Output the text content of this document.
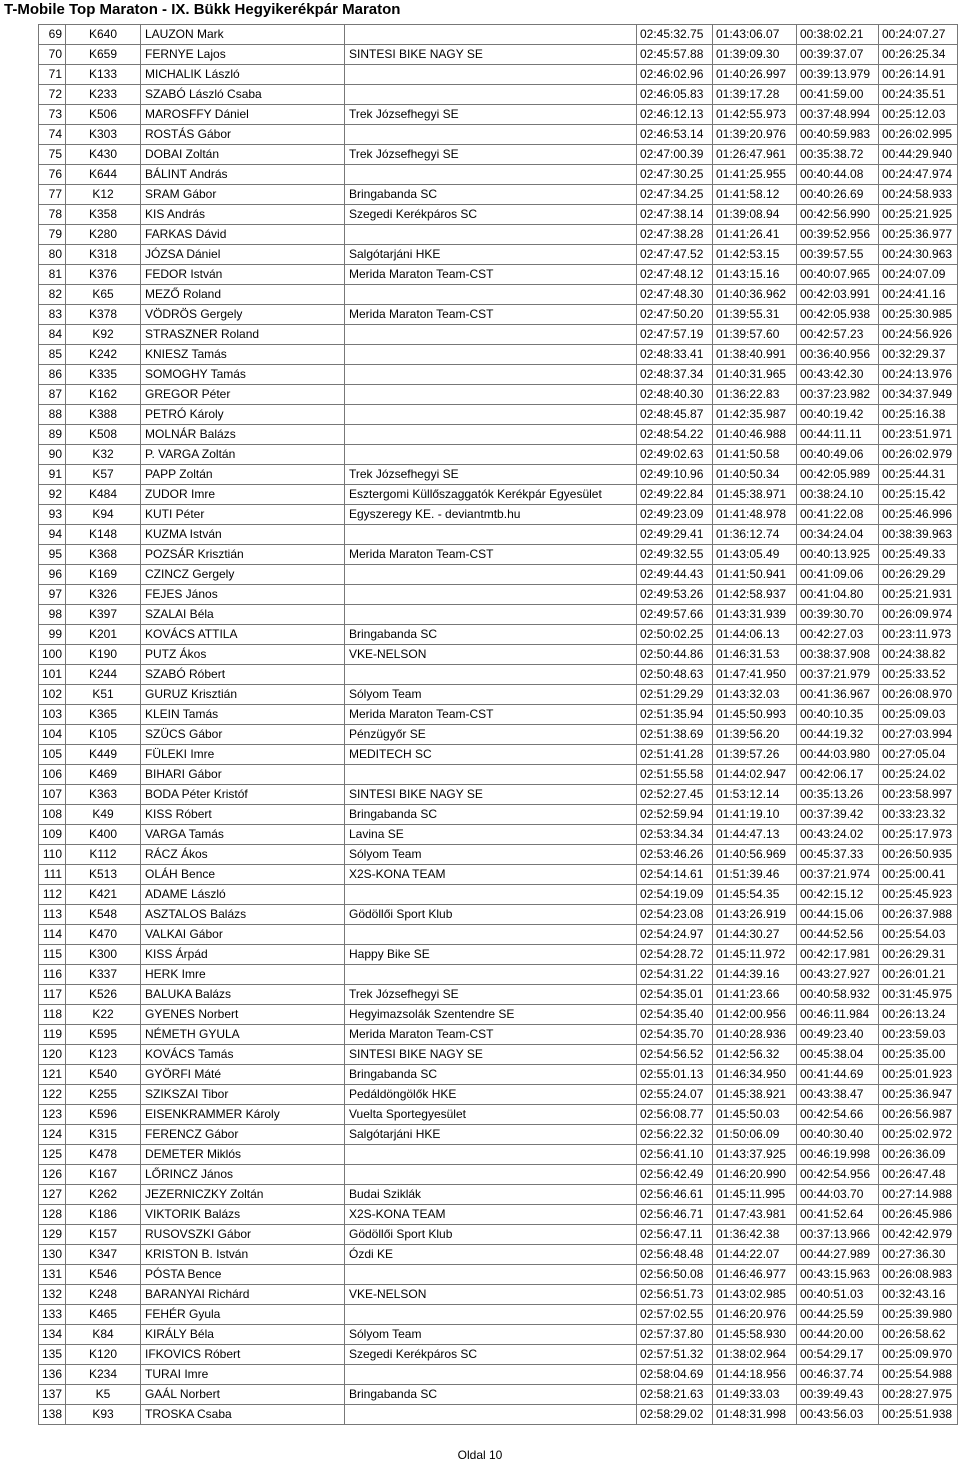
T-Mobile Top Maraton - IX. Bükk Hegyikerékpár Maraton
69	K640	LAUZON Mark		02:45:32.75	01:43:06.07	00:38:02.21	00:24:07.27
70	K659	FERNYE Lajos	SINTESI BIKE NAGY SE	02:45:57.88	01:39:09.30	00:39:37.07	00:26:25.34
71	K133	MICHALIK László		02:46:02.96	01:40:26.997	00:39:13.979	00:26:14.91
72	K233	SZABÓ László Csaba		02:46:05.83	01:39:17.28	00:41:59.00	00:24:35.51
73	K506	MAROSFFY Dániel	Trek Józsefhegyi SE	02:46:12.13	01:42:55.973	00:37:48.994	00:25:12.03
74	K303	ROSTÁS Gábor		02:46:53.14	01:39:20.976	00:40:59.983	00:26:02.995
75	K430	DOBAI Zoltán	Trek Józsefhegyi SE	02:47:00.39	01:26:47.961	00:35:38.72	00:44:29.940
76	K644	BÁLINT András		02:47:30.25	01:41:25.955	00:40:44.08	00:24:47.974
77	K12	SRAM Gábor	Bringabanda SC	02:47:34.25	01:41:58.12	00:40:26.69	00:24:58.933
78	K358	KIS András	Szegedi Kerékpáros SC	02:47:38.14	01:39:08.94	00:42:56.990	00:25:21.925
79	K280	FARKAS Dávid		02:47:38.28	01:41:26.41	00:39:52.956	00:25:36.977
80	K318	JÓZSA Dániel	Salgótarjáni HKE	02:47:47.52	01:42:53.15	00:39:57.55	00:24:30.963
81	K376	FEDOR István	Merida Maraton Team-CST	02:47:48.12	01:43:15.16	00:40:07.965	00:24:07.09
82	K65	MEZŐ Roland		02:47:48.30	01:40:36.962	00:42:03.991	00:24:41.16
83	K378	VÖDRÖS Gergely	Merida Maraton Team-CST	02:47:50.20	01:39:55.31	00:42:05.938	00:25:30.985
84	K92	STRASZNER Roland		02:47:57.19	01:39:57.60	00:42:57.23	00:24:56.926
85	K242	KNIESZ Tamás		02:48:33.41	01:38:40.991	00:36:40.956	00:32:29.37
86	K335	SOMOGHY Tamás		02:48:37.34	01:40:31.965	00:43:42.30	00:24:13.976
87	K162	GREGOR Péter		02:48:40.30	01:36:22.83	00:37:23.982	00:34:37.949
88	K388	PETRÓ Károly		02:48:45.87	01:42:35.987	00:40:19.42	00:25:16.38
89	K508	MOLNÁR Balázs		02:48:54.22	01:40:46.988	00:44:11.11	00:23:51.971
90	K32	P. VARGA Zoltán		02:49:02.63	01:41:50.58	00:40:49.06	00:26:02.979
91	K57	PAPP Zoltán	Trek Józsefhegyi SE	02:49:10.96	01:40:50.34	00:42:05.989	00:25:44.31
92	K484	ZUDOR Imre	Esztergomi Küllőszaggatók Kerékpár Egyesület	02:49:22.84	01:45:38.971	00:38:24.10	00:25:15.42
93	K94	KUTI Péter	Egyszeregy KE. - deviantmtb.hu	02:49:23.09	01:41:48.978	00:41:22.08	00:25:46.996
94	K148	KUZMA István		02:49:29.41	01:36:12.74	00:34:24.04	00:38:39.963
95	K368	POZSÁR Krisztián	Merida Maraton Team-CST	02:49:32.55	01:43:05.49	00:40:13.925	00:25:49.33
96	K169	CZINCZ Gergely		02:49:44.43	01:41:50.941	00:41:09.06	00:26:29.29
97	K326	FEJES János		02:49:53.26	01:42:58.937	00:41:04.80	00:25:21.931
98	K397	SZALAI Béla		02:49:57.66	01:43:31.939	00:39:30.70	00:26:09.974
99	K201	KOVÁCS ATTILA	Bringabanda SC	02:50:02.25	01:44:06.13	00:42:27.03	00:23:11.973
100	K190	PUTZ Ákos	VKE-NELSON	02:50:44.86	01:46:31.53	00:38:37.908	00:24:38.82
101	K244	SZABÓ Róbert		02:50:48.63	01:47:41.950	00:37:21.979	00:25:33.52
102	K51	GURUZ Krisztián	Sólyom Team	02:51:29.29	01:43:32.03	00:41:36.967	00:26:08.970
103	K365	KLEIN Tamás	Merida Maraton Team-CST	02:51:35.94	01:45:50.993	00:40:10.35	00:25:09.03
104	K105	SZÜCS Gábor	Pénzügyőr SE	02:51:38.69	01:39:56.20	00:44:19.32	00:27:03.994
105	K449	FÜLEKI Imre	MEDITECH SC	02:51:41.28	01:39:57.26	00:44:03.980	00:27:05.04
106	K469	BIHARI Gábor		02:51:55.58	01:44:02.947	00:42:06.17	00:25:24.02
107	K363	BODA Péter Kristóf	SINTESI BIKE NAGY SE	02:52:27.45	01:53:12.14	00:35:13.26	00:23:58.997
108	K49	KISS Róbert	Bringabanda SC	02:52:59.94	01:41:19.10	00:37:39.42	00:33:23.32
109	K400	VARGA Tamás	Lavina SE	02:53:34.34	01:44:47.13	00:43:24.02	00:25:17.973
110	K112	RÁCZ Ákos	Sólyom Team	02:53:46.26	01:40:56.969	00:45:37.33	00:26:50.935
111	K513	OLÁH Bence	X2S-KONA TEAM	02:54:14.61	01:51:39.46	00:37:21.974	00:25:00.41
112	K421	ADAME László		02:54:19.09	01:45:54.35	00:42:15.12	00:25:45.923
113	K548	ASZTALOS Balázs	Gödöllői Sport Klub	02:54:23.08	01:43:26.919	00:44:15.06	00:26:37.988
114	K470	VALKAI Gábor		02:54:24.97	01:44:30.27	00:44:52.56	00:25:54.03
115	K300	KISS Árpád	Happy Bike SE	02:54:28.72	01:45:11.972	00:42:17.981	00:26:29.31
116	K337	HERK Imre		02:54:31.22	01:44:39.16	00:43:27.927	00:26:01.21
117	K526	BALUKA Balázs	Trek Józsefhegyi SE	02:54:35.01	01:41:23.66	00:40:58.932	00:31:45.975
118	K22	GYENES Norbert	Hegyimazsolák Szentendre SE	02:54:35.40	01:42:00.956	00:46:11.984	00:26:13.24
119	K595	NÉMETH GYULA	Merida Maraton Team-CST	02:54:35.70	01:40:28.936	00:49:23.40	00:23:59.03
120	K123	KOVÁCS Tamás	SINTESI BIKE NAGY SE	02:54:56.52	01:42:56.32	00:45:38.04	00:25:35.00
121	K540	GYÖRFI Máté	Bringabanda SC	02:55:01.13	01:46:34.950	00:41:44.69	00:25:01.923
122	K255	SZIKSZAI Tibor	Pedáldöngölők HKE	02:55:24.07	01:45:38.921	00:43:38.47	00:25:36.947
123	K596	EISENKRAMMER Károly	Vuelta Sportegyesület	02:56:08.77	01:45:50.03	00:42:54.66	00:26:56.987
124	K315	FERENCZ Gábor	Salgótarjáni HKE	02:56:22.32	01:50:06.09	00:40:30.40	00:25:02.972
125	K478	DEMETER Miklós		02:56:41.10	01:43:37.925	00:46:19.998	00:26:36.09
126	K167	LŐRINCZ János		02:56:42.49	01:46:20.990	00:42:54.956	00:26:47.48
127	K262	JEZERNICZKY Zoltán	Budai Sziklák	02:56:46.61	01:45:11.995	00:44:03.70	00:27:14.988
128	K186	VIKTORIK Balázs	X2S-KONA TEAM	02:56:46.71	01:47:43.981	00:41:52.64	00:26:45.986
129	K157	RUSOVSZKI Gábor	Gödöllői Sport Klub	02:56:47.11	01:36:42.38	00:37:13.966	00:42:42.979
130	K347	KRISTON B. István	Ózdi KE	02:56:48.48	01:44:22.07	00:44:27.989	00:27:36.30
131	K546	PÓSTA Bence		02:56:50.08	01:46:46.977	00:43:15.963	00:26:08.983
132	K248	BARANYAI Richárd	VKE-NELSON	02:56:51.73	01:43:02.985	00:40:51.03	00:32:43.16
133	K465	FEHÉR Gyula		02:57:02.55	01:46:20.976	00:44:25.59	00:25:39.980
134	K84	KIRÁLY Béla	Sólyom Team	02:57:37.80	01:45:58.930	00:44:20.00	00:26:58.62
135	K120	IFKOVICS Róbert	Szegedi Kerékpáros SC	02:57:51.32	01:38:02.964	00:54:29.17	00:25:09.970
136	K234	TURAI Imre		02:58:04.69	01:44:18.956	00:46:37.74	00:25:54.988
137	K5	GAÁL Norbert	Bringabanda SC	02:58:21.63	01:49:33.03	00:39:49.43	00:28:27.975
138	K93	TROSKA Csaba		02:58:29.02	01:48:31.998	00:43:56.03	00:25:51.938
Oldal 10
